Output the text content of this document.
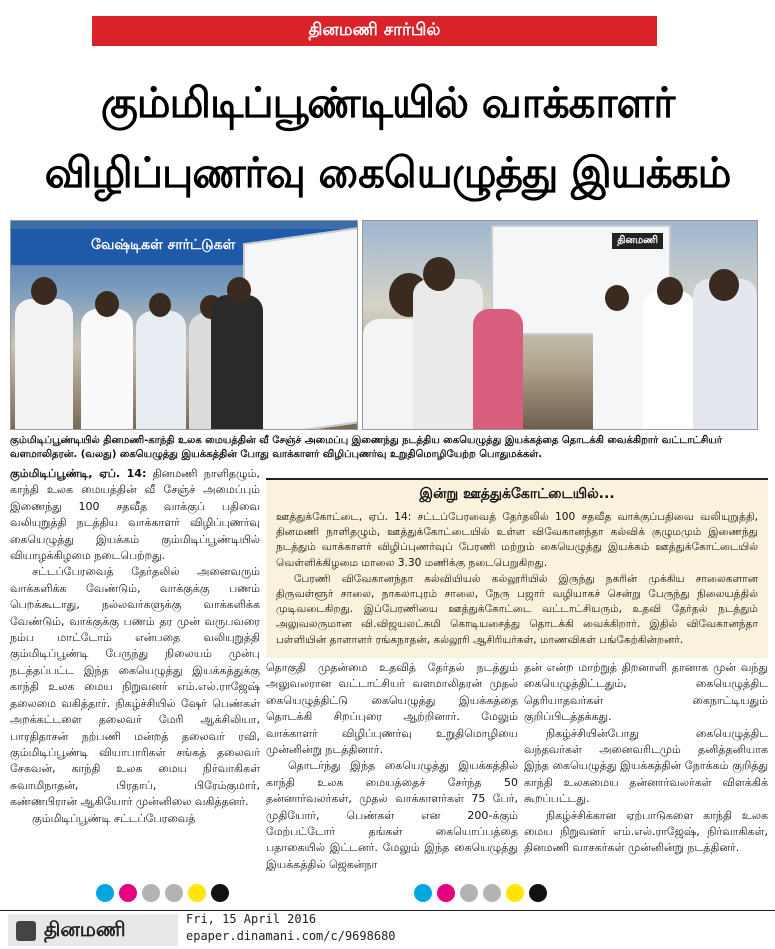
தினமணி சார்பில்
கும்மிடிப்பூண்டியில் வாக்காளர்
விழிப்புணர்வு கையெழுத்து இயக்கம்
வேஷ்டிகள் சார்ட்டுகள்	தினமணி
கும்மிடிப்பூண்டியில் தினமணி-காந்தி உலக மையத்தின் வீ சேஞ்ச் அமைப்பு இணைந்து நடத்திய கையெழுத்து இயக்கத்தை தொடக்கி வைக்கிறார் வட்டாட்சியர் வளமாலிதரன். (வலது) கையெழுத்து இயக்கத்தின் போது வாக்காளர் விழிப்புணர்வு உறுதிமொழியேற்ற பொதுமக்கள்.

கும்மிடிப்பூண்டி, ஏப். 14: தினமணி நாளிதழும், காந்தி உலக மையத்தின் வீ சேஞ்ச் அமைப்பும் இணைந்து 100 சதவீத வாக்குப் பதிவை வலியுறுத்தி நடத்திய வாக்காளர் விழிப்புணர்வு கையெழுத்து இயக்கம் கும்மிடிப்பூண்டியில் வியாழக்கிழமை நடைபெற்றது.

சட்டப்பேரவைத் தேர்தலில் அனைவரும் வாக்களிக்க வேண்டும், வாக்குக்கு பணம் பெறக்கூடாது, நல்லவர்களுக்கு வாக்களிக்க வேண்டும், வாக்குக்கு பணம் தர முன் வருபவரை நம்ப மாட்டோம் என்பதை வலியுறுத்தி கும்மிடிப்பூண்டி பேருந்து நிலையம் முன்பு நடத்தப்பட்ட இந்த கையெழுத்து இயக்கத்துக்கு காந்தி உலக மைய நிறுவனர் எம்.எல்.ராஜேஷ் தலைமை வகித்தார். நிகழ்ச்சியில் ஷேர் பெண்கள் அறக்கட்டளை தலைவர் மேரி ஆக்சிலியா, பாரதிதாசன் நற்பணி மன்றத் தலைவர் ரவி, கும்மிடிப்பூண்டி வியாபாரிகள் சங்கத் தலைவர் சேகவன், காந்தி உலக மைய நிர்வாகிகள் சுவாமிநாதன், பிரதாப், பிரேம்குமார், கண்ணபிரான் ஆகியோர் முன்னிலை வகித்தனர்.

கும்மிடிப்பூண்டி சட்டப்பேரவைத்

இன்று ஊத்துக்கோட்டையில்...

ஊத்துக்கோட்டை, ஏப். 14: சட்டப்பேரவைத் தேர்தலில் 100 சதவீத வாக்குப்பதிவை வலியுறுத்தி, தினமணி நாளிதழும், ஊத்துக்கோட்டையில் உள்ள விவேகானந்தா கல்விக் குழுமமும் இணைந்து நடத்தும் வாக்காளர் விழிப்புணர்வுப் பேரணி மற்றும் கையெழுத்து இயக்கம் ஊத்துக்கோட்டையில் வெள்ளிக்கிழமை மாலை 3.30 மணிக்கு நடைபெறுகிறது.

பேரணி விவேகானந்தா கல்வியியல் கல்லூரியில் இருந்து நகரின் முக்கிய சாலைகளான திருவள்ளூர் சாலை, நாகலாபுரம் சாலை, நேரு பஜார் வழியாகச் சென்று பேருந்து நிலையத்தில் முடிவடைகிறது. இப்பேரணியை ஊத்துக்கோட்டை வட்டாட்சியரும், உதவி தேர்தல் நடத்தும் அலுவலருமான வி.விஜயலட்சுமி கொடியசைத்து தொடக்கி வைக்கிறார். இதில் விவேகானந்தா பள்ளியின் தாளாளர் ரங்கநாதன், கல்லூரி ஆசிரியர்கள், மாணவிகள் பங்கேற்கின்றனர்.

தொகுதி முதன்மை உதவித் தேர்தல் நடத்தும் அலுவலரான வட்டாட்சியர் வளமாலிதரன் முதல் கையெழுத்திட்டு கையெழுத்து இயக்கத்தை தொடக்கி சிறப்புரை ஆற்றினார். மேலும் வாக்காளர் விழிப்புணர்வு உறுதிமொழியை முன்னின்று நடத்தினார்.

தொடர்ந்து இந்த கையெழுத்து இயக்கத்தில் காந்தி உலக மையத்தைச் சேர்ந்த 50 தன்னார்வலர்கள், முதல் வாக்காளர்கள் 75 பேர், முதியோர், பெண்கள் என 200-க்கும் மேற்பட்டோர் தங்கள் கையொப்பத்தை பதாகையில் இட்டனர். மேலும் இந்த கையெழுத்து இயக்கத்தில் ஜெகன்நா

தன் என்ற மாற்றுத் திறனாளி தானாக முன் வந்து கையெழுத்திட்டதும், கையெழுத்திட தெரியாதவர்கள் கைநாட்டியதும் குறிப்பிடத்தக்கது.

நிகழ்ச்சியின்போது கையெழுத்திட வந்தவர்கள் அனைவரிடமும் தனித்தனியாக இந்த கையெழுத்து இயக்கத்தின் நோக்கம் குறித்து காந்தி உலகமைய தன்னார்வலர்கள் விளக்கிக் கூறப்பட்டது.

நிகழ்ச்சிக்கான ஏற்பாடுகளை காந்தி உலக மைய நிறுவனர் எம்.எல்.ராஜேஷ், நிர்வாகிகள், தினமணி வாசகர்கள் முன்னின்று நடத்தினர்.

தினமணி	Fri, 15 April 2016
epaper.dinamani.com/c/9698680
